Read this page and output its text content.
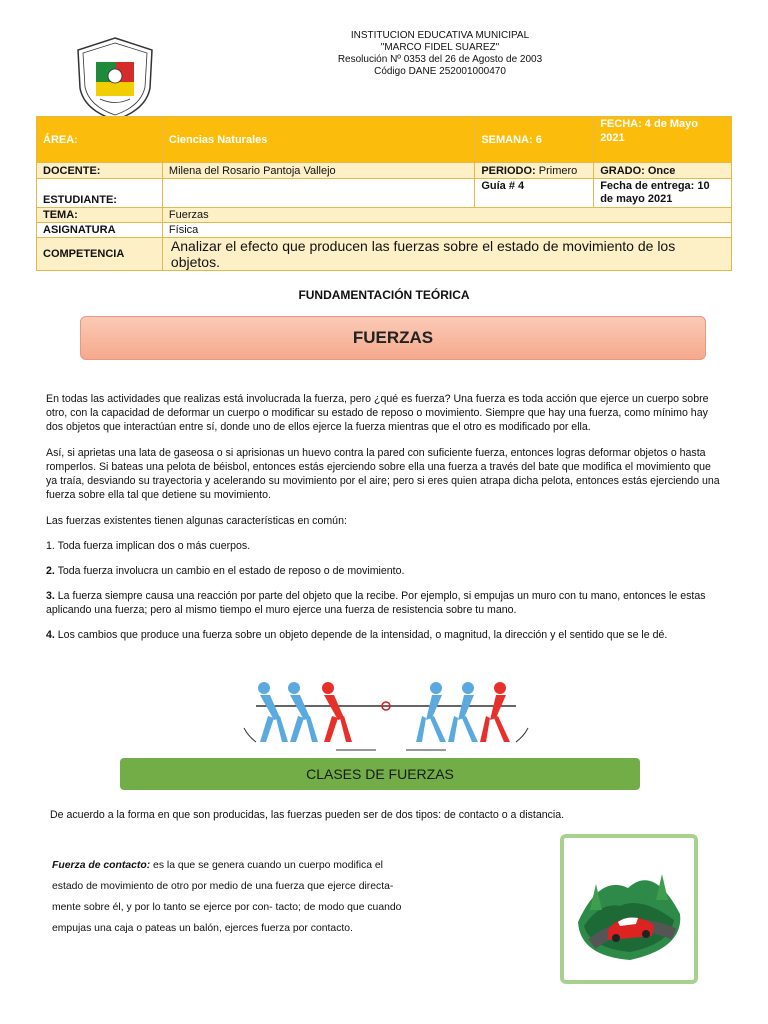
INSTITUCION EDUCATIVA MUNICIPAL
"MARCO FIDEL SUAREZ"
Resolución Nº 0353 del 26 de Agosto de 2003
Código DANE 252001000470
ÁREA:	Ciencias Naturales	SEMANA: 6	FECHA: 4 de Mayo 2021
DOCENTE:	Milena del Rosario Pantoja Vallejo	PERIODO: Primero	GRADO: Once
ESTUDIANTE:		Guía # 4	Fecha de entrega: 10 de mayo 2021
TEMA:	Fuerzas		
ASIGNATURA	Física		
COMPETENCIA	Analizar el efecto que producen las fuerzas sobre el estado de movimiento de los objetos.		
FUNDAMENTACIÓN TEÓRICA
FUERZAS
En todas las actividades que realizas está involucrada la fuerza, pero ¿qué es fuerza? Una fuerza es toda acción que ejerce un cuerpo sobre otro, con la capacidad de deformar un cuerpo o modificar su estado de reposo o movimiento. Siempre que hay una fuerza, como mínimo hay dos objetos que interactúan entre sí, donde uno de ellos ejerce la fuerza mientras que el otro es modificado por ella.
Así, si aprietas una lata de gaseosa o si aprisionas un huevo contra la pared con suficiente fuerza, entonces logras deformar objetos o hasta romperlos. Si bateas una pelota de béisbol, entonces estás ejerciendo sobre ella una fuerza a través del bate que modifica el movimiento que ya traía, desviando su trayectoria y acelerando su movimiento por el aire; pero si eres quien atrapa dicha pelota, entonces estás ejerciendo una fuerza sobre ella tal que detiene su movimiento.
Las fuerzas existentes tienen algunas características en común:
1. Toda fuerza implican dos o más cuerpos.
2. Toda fuerza involucra un cambio en el estado de reposo o de movimiento.
3. La fuerza siempre causa una reacción por parte del objeto que la recibe. Por ejemplo, si empujas un muro con tu mano, entonces le estas aplicando una fuerza; pero al mismo tiempo el muro ejerce una fuerza de resistencia sobre tu mano.
4. Los cambios que produce una fuerza sobre un objeto depende de la intensidad, o magnitud, la dirección y el sentido que se le dé.
CLASES DE FUERZAS
De acuerdo a la forma en que son producidas, las fuerzas pueden ser de dos tipos: de contacto o a distancia.
Fuerza de contacto: es la que se genera cuando un cuerpo modifica el estado de movimiento de otro por medio de una fuerza que ejerce directa- mente sobre él, y por lo tanto se ejerce por con- tacto; de modo que cuando empujas una caja o pateas un balón, ejerces fuerza por contacto.
